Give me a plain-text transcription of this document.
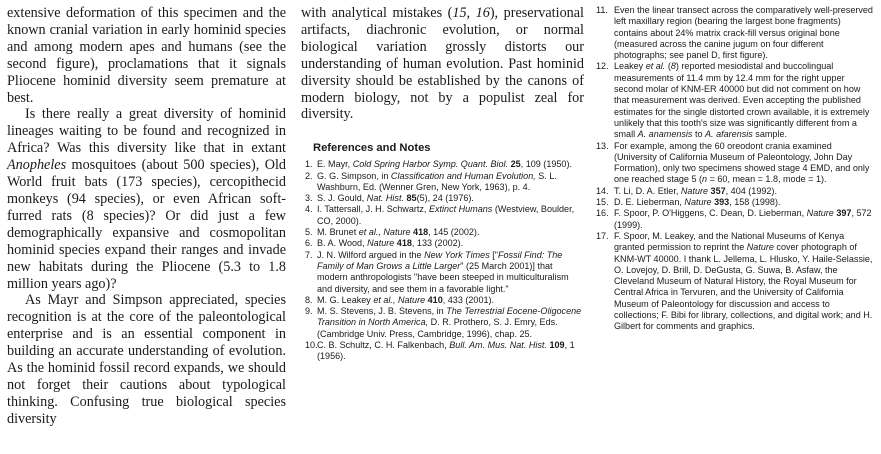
extensive deformation of this specimen and the known cranial variation in early hominid species and among modern apes and humans (see the second figure), proclamations that it signals Pliocene hominid diversity seem premature at best.

Is there really a great diversity of hominid lineages waiting to be found and recognized in Africa? Was this diversity like that in extant Anopheles mosquitoes (about 500 species), Old World fruit bats (173 species), cercopithecid monkeys (94 species), or even African soft-furred rats (8 species)? Or did just a few demographically expansive and cosmopolitan hominid species expand their ranges and invade new habitats during the Pliocene (5.3 to 1.8 million years ago)?

As Mayr and Simpson appreciated, species recognition is at the core of the paleontological enterprise and is an essential component in building an accurate understanding of evolution. As the hominid fossil record expands, we should not forget their cautions about typological thinking. Confusing true biological species diversity

with analytical mistakes (15, 16), preservational artifacts, diachronic evolution, or normal biological variation grossly distorts our understanding of human evolution. Past hominid diversity should be established by the canons of modern biology, not by a populist zeal for diversity.

References and Notes
1. E. Mayr, Cold Spring Harbor Symp. Quant. Biol. 25, 109 (1950).
2. G. G. Simpson, in Classification and Human Evolution, S. L. Washburn, Ed. (Wenner Gren, New York, 1963), p. 4.
3. S. J. Gould, Nat. Hist. 85(5), 24 (1976).
4. I. Tattersall, J. H. Schwartz, Extinct Humans (Westview, Boulder, CO, 2000).
5. M. Brunet et al., Nature 418, 145 (2002).
6. B. A. Wood, Nature 418, 133 (2002).
7. J. N. Wilford argued in the New York Times ["Fossil Find: The Family of Man Grows a Little Larger" (25 March 2001)] that modern anthropologists "have been steeped in multiculturalism and diversity, and see them in a favorable light."
8. M. G. Leakey et al., Nature 410, 433 (2001).
9. M. S. Stevens, J. B. Stevens, in The Terrestrial Eocene-Oligocene Transition in North America, D. R. Prothero, S. J. Emry, Eds. (Cambridge Univ. Press, Cambridge, 1996), chap. 25.
10. C. B. Schultz, C. H. Falkenbach, Bull. Am. Mus. Nat. Hist. 109, 1 (1956).
11. Even the linear transect across the comparatively well-preserved left maxillary region (bearing the largest bone fragments) contains about 24% matrix crack-fill versus original bone (measured across the canine jugum on four different photographs; see panel D, first figure).
12. Leakey et al. (8) reported mesiodistal and buccolingual measurements of 11.4 mm by 12.4 mm for the right upper second molar of KNM-ER 40000 but did not comment on how that measurement was derived. Even accepting the published estimates for the single distorted crown available, it is extremely unlikely that this tooth's size was significantly different from a small A. anamensis to A. afarensis sample.
13. For example, among the 60 oreodont crania examined (University of California Museum of Paleontology, John Day Formation), only two specimens showed stage 4 EMD, and only one reached stage 5 (n = 60, mean = 1.8, mode = 1).
14. T. Li, D. A. Etler, Nature 357, 404 (1992).
15. D. E. Lieberman, Nature 393, 158 (1998).
16. F. Spoor, P. O'Higgens, C. Dean, D. Lieberman, Nature 397, 572 (1999).
17. F. Spoor, M. Leakey, and the National Museums of Kenya granted permission to reprint the Nature cover photograph of KNM-WT 40000. I thank L. Jellema, L. Hlusko, Y. Haile-Selassie, O. Lovejoy, D. Brill, D. DeGusta, G. Suwa, B. Asfaw, the Cleveland Museum of Natural History, the Royal Museum for Central Africa in Tervuren, and the University of California Museum of Paleontology for discussion and access to collections; F. Bibi for library, collections, and digital work; and H. Gilbert for comments and graphics.
